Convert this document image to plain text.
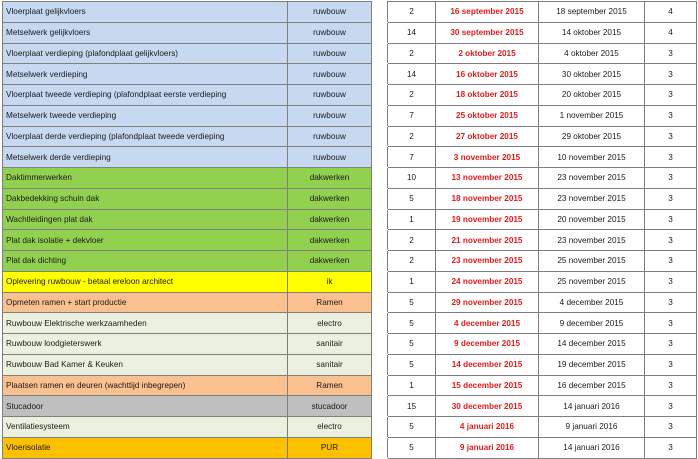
Vloerplaat gelijkvloers	ruwbouw		2	16 september 2015	18 september 2015	4
Metselwerk gelijkvloers	ruwbouw		14	30 september 2015	14 oktober 2015	4
Vloerplaat verdieping (plafondplaat gelijkvloers)	ruwbouw		2	2 oktober 2015	4 oktober 2015	3
Metselwerk verdieping	ruwbouw		14	16 oktober 2015	30 oktober 2015	3
Vloerplaat tweede verdieping (plafondplaat eerste verdieping	ruwbouw		2	18 oktober 2015	20 oktober 2015	3
Metselwerk tweede verdieping	ruwbouw		7	25 oktober 2015	1 november 2015	3
Vloerplaat derde verdieping (plafondplaat tweede verdieping	ruwbouw		2	27 oktober 2015	29 oktober 2015	3
Metselwerk derde verdieping	ruwbouw		7	3 november 2015	10 november 2015	3
Daktimmerwerken	dakwerken		10	13 november 2015	23 november 2015	3
Dakbedekking schuin dak	dakwerken		5	18 november 2015	23 november 2015	3
Wachtleidingen plat dak	dakwerken		1	19 november 2015	20 november 2015	3
Plat dak isolatie + dekvloer	dakwerken		2	21 november 2015	23 november 2015	3
Plat dak dichting	dakwerken		2	23 november 2015	25 november 2015	3
Oplevering ruwbouw - betaal ereloon architect	ik		1	24 november 2015	25 november 2015	3
Opmeten ramen + start productie	Ramen		5	29 november 2015	4 december 2015	3
Ruwbouw Elektrische werkzaamheden	electro		5	4 december 2015	9 december 2015	3
Ruwbouw loodgieterswerk	sanitair		5	9 december 2015	14 december 2015	3
Ruwbouw Bad Kamer & Keuken	sanitair		5	14 december 2015	19 december 2015	3
Plaatsen ramen en deuren (wachttijd inbegrepen)	Ramen		1	15 december 2015	16 december 2015	3
Stucadoor	stucadoor		15	30 december 2015	14 januari 2016	3
Ventilatiesysteem	electro		5	4 januari 2016	9 januari 2016	3
Vloerisolatie	PUR		5	9 januari 2016	14 januari 2016	3
